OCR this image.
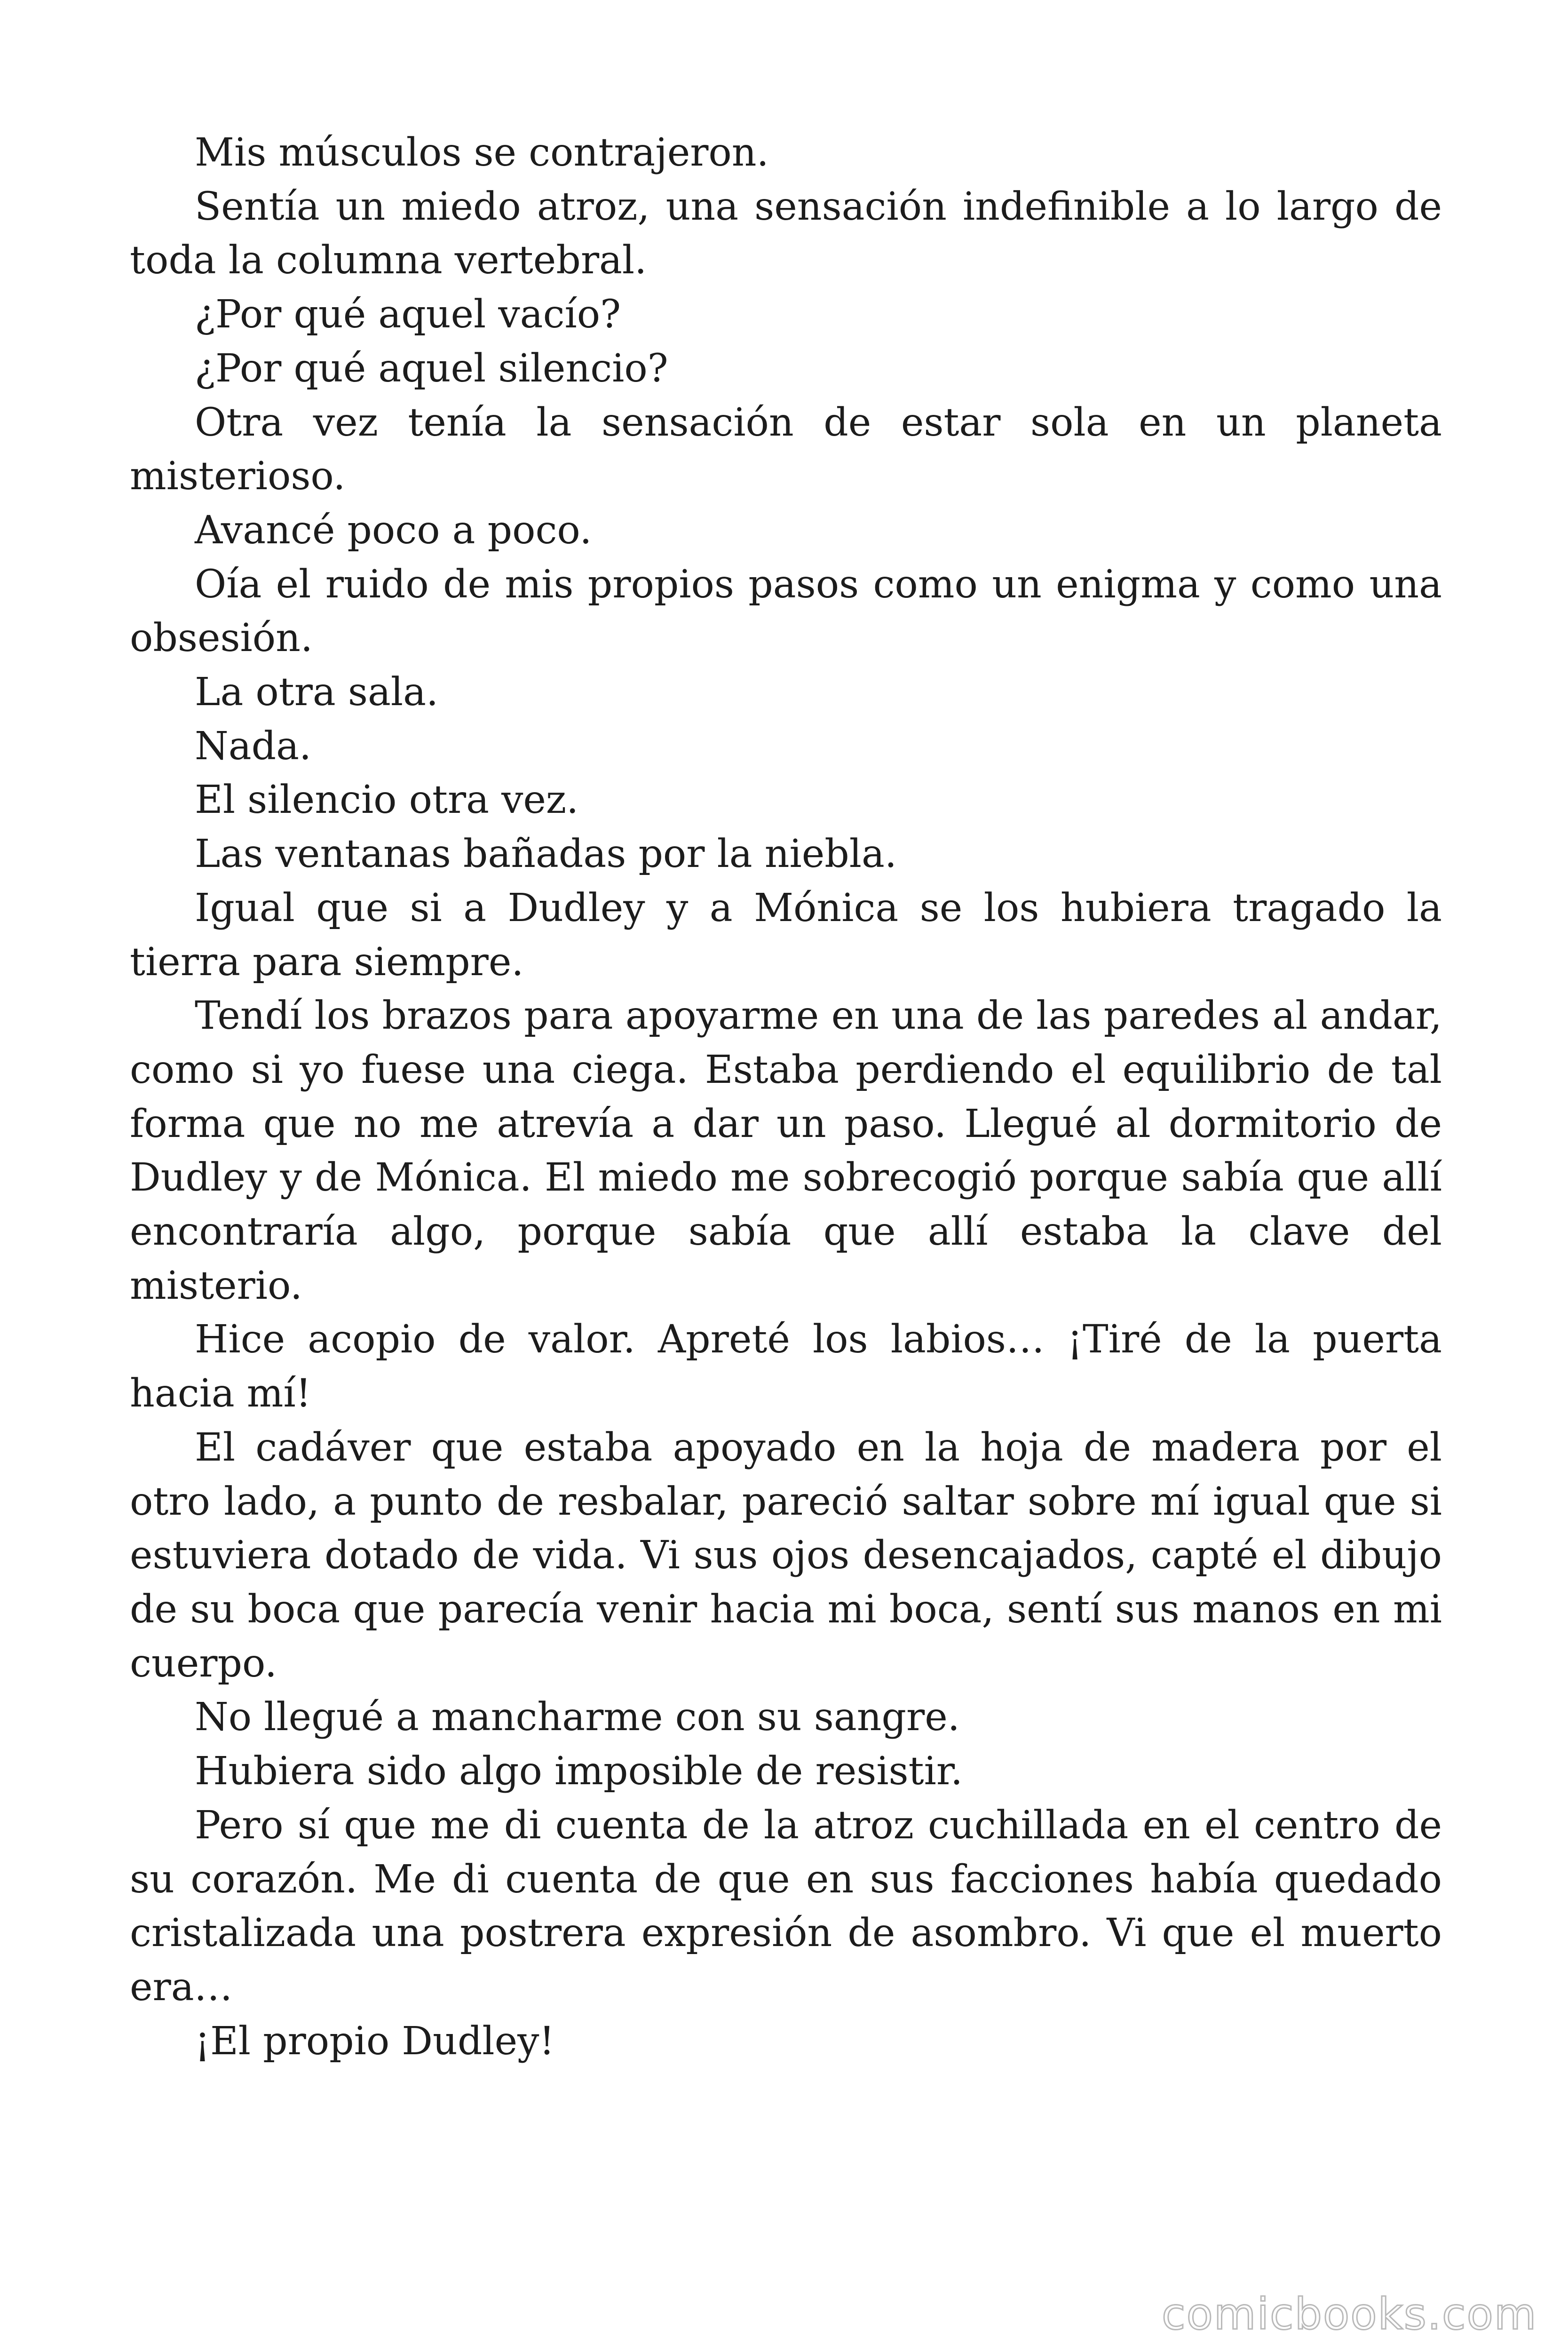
Mis músculos se contrajeron.

Sentía un miedo atroz, una sensación indefinible a lo largo de toda la columna vertebral.

¿Por qué aquel vacío?

¿Por qué aquel silencio?

Otra vez tenía la sensación de estar sola en un planeta misterioso.

Avancé poco a poco.

Oía el ruido de mis propios pasos como un enigma y como una obsesión.

La otra sala.

Nada.

El silencio otra vez.

Las ventanas bañadas por la niebla.

Igual que si a Dudley y a Mónica se los hubiera tragado la tierra para siempre.

Tendí los brazos para apoyarme en una de las paredes al andar, como si yo fuese una ciega. Estaba perdiendo el equilibrio de tal forma que no me atrevía a dar un paso. Llegué al dormitorio de Dudley y de Mónica. El miedo me sobrecogió porque sabía que allí encontraría algo, porque sabía que allí estaba la clave del misterio.

Hice acopio de valor. Apreté los labios… ¡Tiré de la puerta hacia mí!

El cadáver que estaba apoyado en la hoja de madera por el otro lado, a punto de resbalar, pareció saltar sobre mí igual que si estuviera dotado de vida. Vi sus ojos desencajados, capté el dibujo de su boca que parecía venir hacia mi boca, sentí sus manos en mi cuerpo.

No llegué a mancharme con su sangre.

Hubiera sido algo imposible de resistir.

Pero sí que me di cuenta de la atroz cuchillada en el centro de su corazón. Me di cuenta de que en sus facciones había quedado cristalizada una postrera expresión de asombro. Vi que el muerto era…

¡El propio Dudley!

comicbooks.com
